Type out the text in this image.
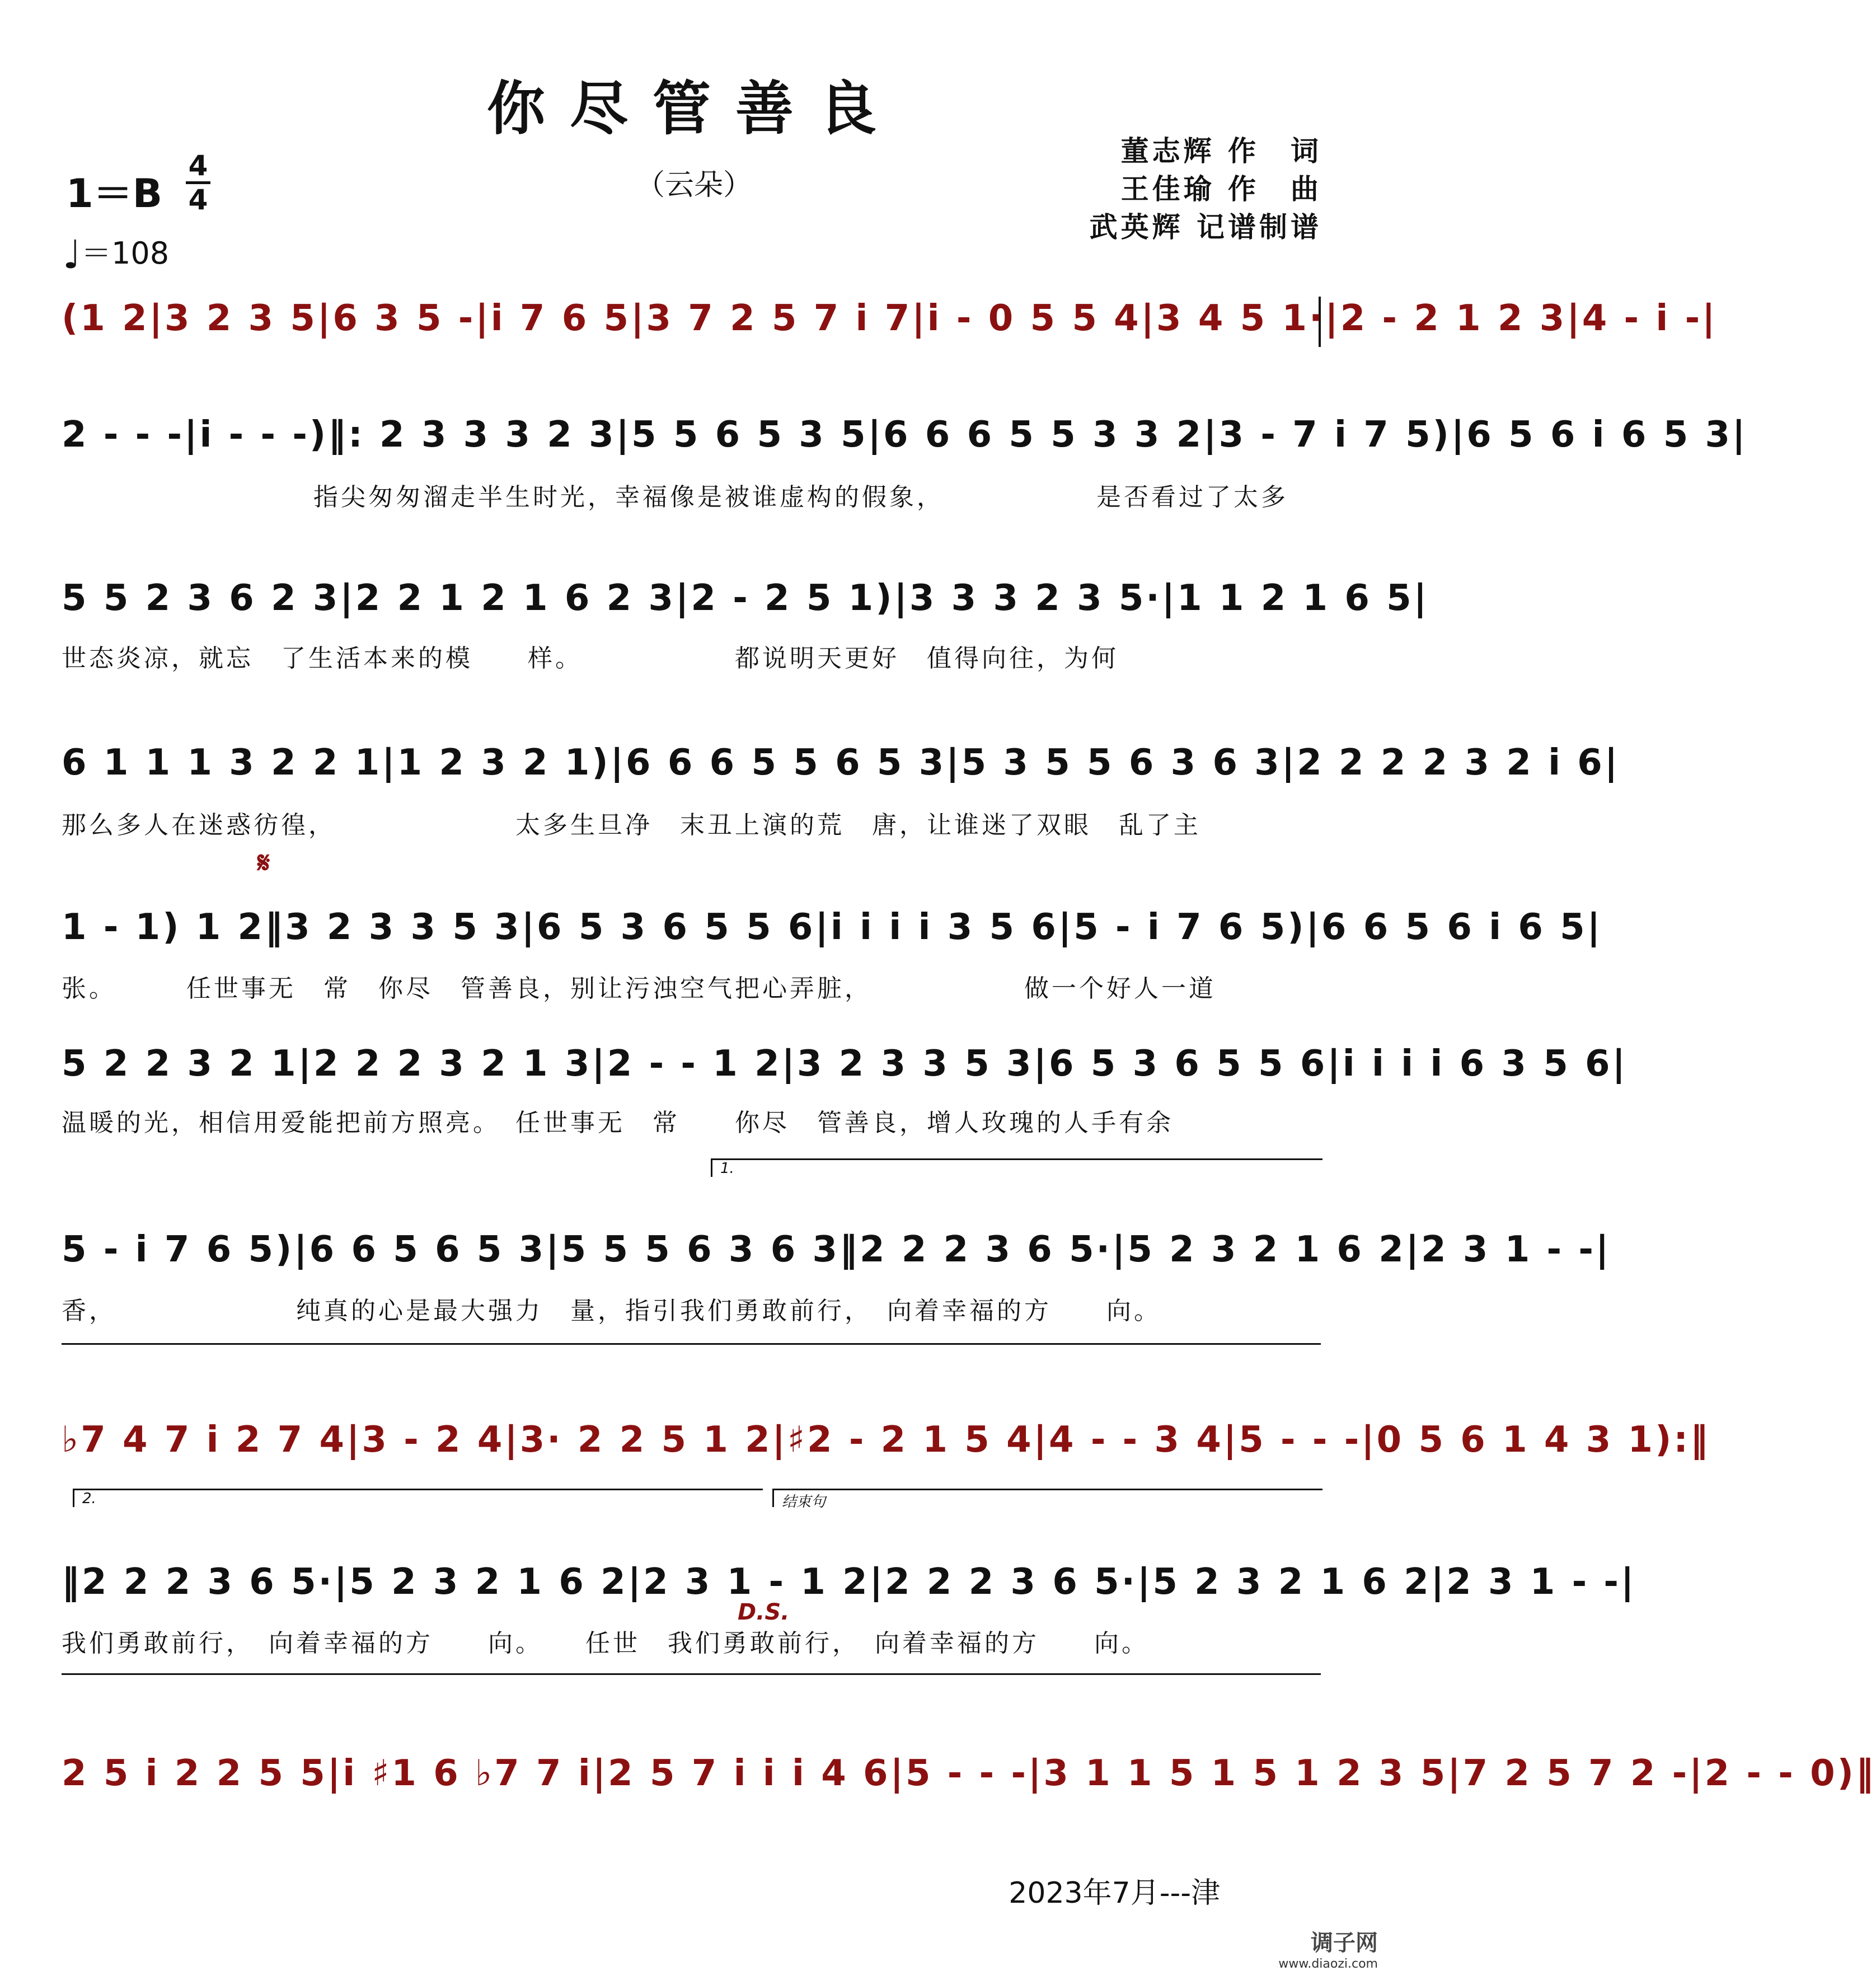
你尽管善良
（云朵）
董志辉 作　词
王佳瑜 作　曲
武英辉 记谱制谱
1＝B
4
4
♩＝108
(1 2|3 2 3 5|6 3 5 -|i 7 6 5|3 7 2 5 7 i 7|i - 0 5 5 4|3 4 5 1·|2 - 2 1 2 3|4 - i -|
2 - - -|i - - -)‖: 2 3 3 3 2 3|5 5 6 5 3 5|6 6 6 5 5 3 3 2|3 - 7 i 7 5)|6 5 6 i 6 5 3|
指尖匆匆溜走半生时光，幸福像是被谁虚构的假象，　　　　　　是否看过了太多
5 5 2 3 6 2 3|2 2 1 2 1 6 2 3|2 - 2 5 1)|3 3 3 2 3 5·|1 1 2 1 6 5|
世态炎凉，就忘　了生活本来的模　　样。　　　　　　都说明天更好　值得向往，为何
6 1 1 1 3 2 2 1|1 2 3 2 1)|6 6 6 5 5 6 5 3|5 3 5 5 6 3 6 3|2 2 2 2 3 2 i 6|
那么多人在迷惑彷徨，　　　　　　　太多生旦净　末丑上演的荒　唐，让谁迷了双眼　乱了主
𝄋
1 - 1) 1 2‖3 2 3 3 5 3|6 5 3 6 5 5 6|i i i i 3 5 6|5 - i 7 6 5)|6 6 5 6 i 6 5|
张。　　　任世事无　常　你尽　管善良，别让污浊空气把心弄脏，　　　　　　做一个好人一道
5 2 2 3 2 1|2 2 2 3 2 1 3|2 - - 1 2|3 2 3 3 5 3|6 5 3 6 5 5 6|i i i i 6 3 5 6|
温暖的光，相信用爱能把前方照亮。　任世事无　常　　你尽　管善良，增人玫瑰的人手有余
1.
5 - i 7 6 5)|6 6 5 6 5 3|5 5 5 6 3 6 3‖2 2 2 3 6 5·|5 2 3 2 1 6 2|2 3 1 - -|
香，　　　　　　　纯真的心是最大强力　量，指引我们勇敢前行，　向着幸福的方　　向。
♭7 4 7 i 2 7 4|3 - 2 4|3· 2 2 5 1 2|♯2 - 2 1 5 4|4 - - 3 4|5 - - -|0 5 6 1 4 3 1):‖
2.	结束句
‖2 2 2 3 6 5·|5 2 3 2 1 6 2|2 3 1 - 1 2|2 2 2 3 6 5·|5 2 3 2 1 6 2|2 3 1 - -|
D.S.
我们勇敢前行，　向着幸福的方　　向。　　任世　我们勇敢前行，　向着幸福的方　　向。
2 5 i 2 2 5 5|i ♯1 6 ♭7 7 i|2 5 7 i i i 4 6|5 - - -|3 1 1 5 1 5 1 2 3 5|7 2 5 7 2 -|2 - - 0)‖
2023年7月---津
调子网
www.diaozi.com
